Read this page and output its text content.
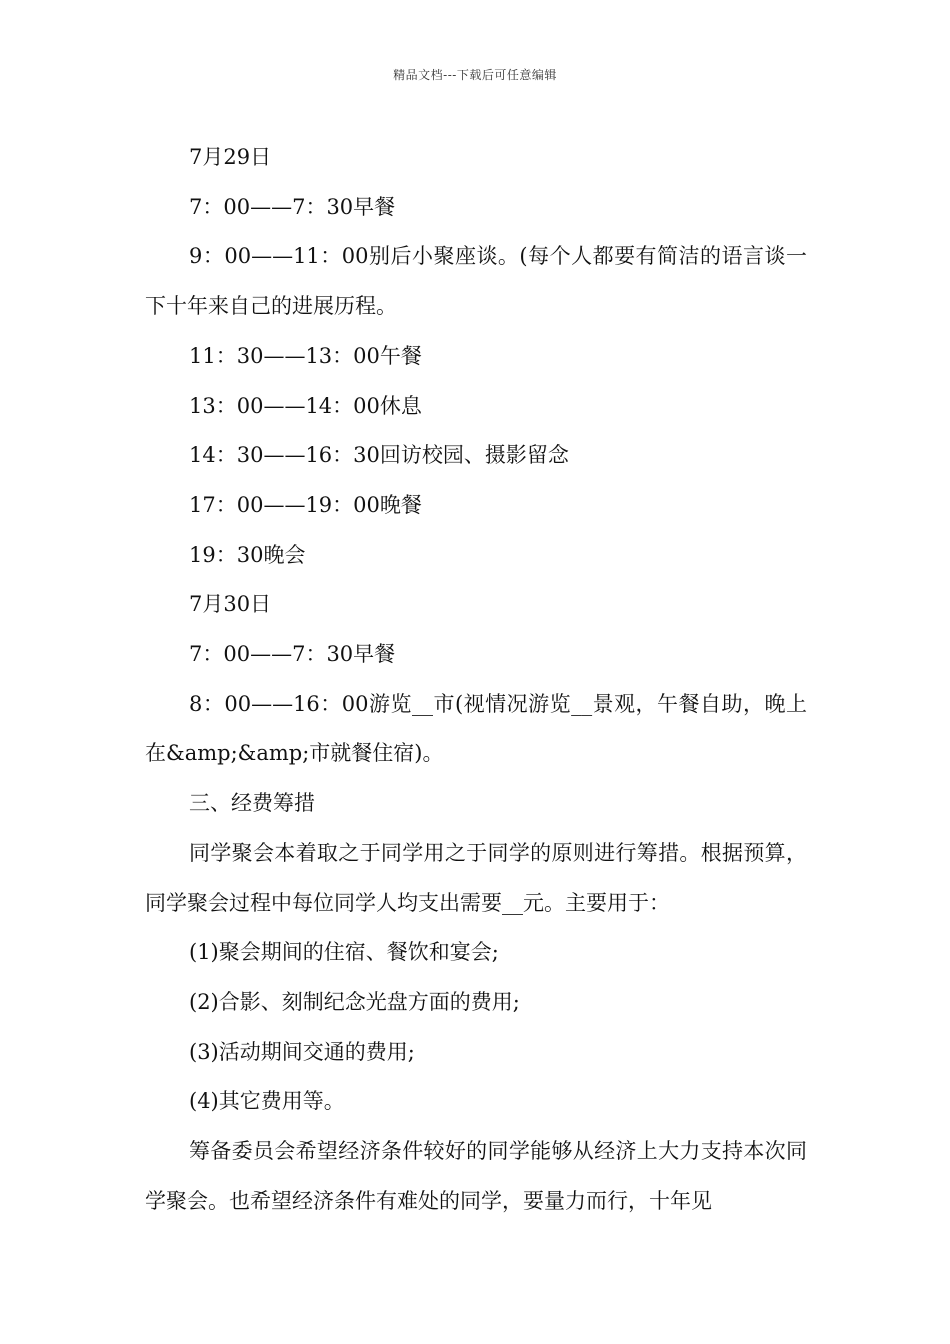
精品文档---下载后可任意编辑

7月29日

7：00——7：30早餐

9：00——11：00别后小聚座谈。(每个人都要有简洁的语言谈一下十年来自己的进展历程。

11：30——13：00午餐

13：00——14：00休息

14：30——16：30回访校园、摄影留念

17：00——19：00晚餐

19：30晚会

7月30日

7：00——7：30早餐

8：00——16：00游览__市(视情况游览__景观，午餐自助，晚上在&amp;&amp;市就餐住宿)。

三、经费筹措

同学聚会本着取之于同学用之于同学的原则进行筹措。根据预算，同学聚会过程中每位同学人均支出需要__元。主要用于：

(1)聚会期间的住宿、餐饮和宴会;

(2)合影、刻制纪念光盘方面的费用;

(3)活动期间交通的费用;

(4)其它费用等。

筹备委员会希望经济条件较好的同学能够从经济上大力支持本次同学聚会。也希望经济条件有难处的同学，要量力而行，十年见
